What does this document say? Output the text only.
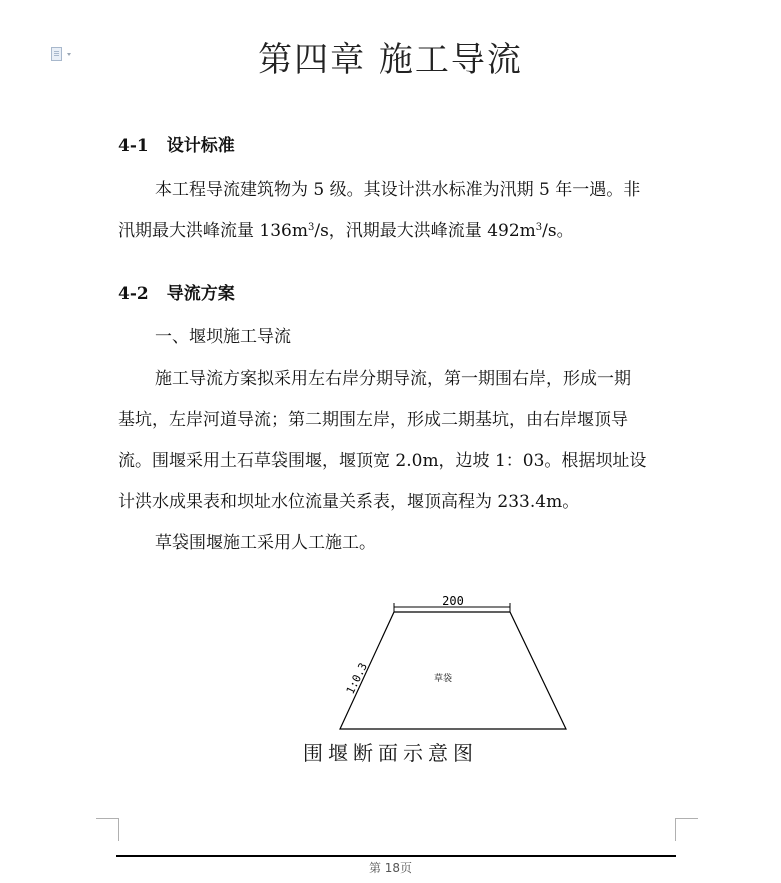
第四章 施工导流
4-1 设计标准
本工程导流建筑物为 5 级。其设计洪水标准为汛期 5 年一遇。非
汛期最大洪峰流量 $136m^3/s$，汛期最大洪峰流量 $492m^3/s$。
4-2 导流方案
一、堰坝施工导流
施工导流方案拟采用左右岸分期导流，第一期围右岸，形成一期
基坑，左岸河道导流；第二期围左岸，形成二期基坑，由右岸堰顶导
流。围堰采用土石草袋围堰，堰顶宽 2.0m，边坡 1：03。根据坝址设
计洪水成果表和坝址水位流量关系表，堰顶高程为 233.4m。
草袋围堰施工采用人工施工。
200
1:0.3	草袋
围堰断面示意图
第 18页
